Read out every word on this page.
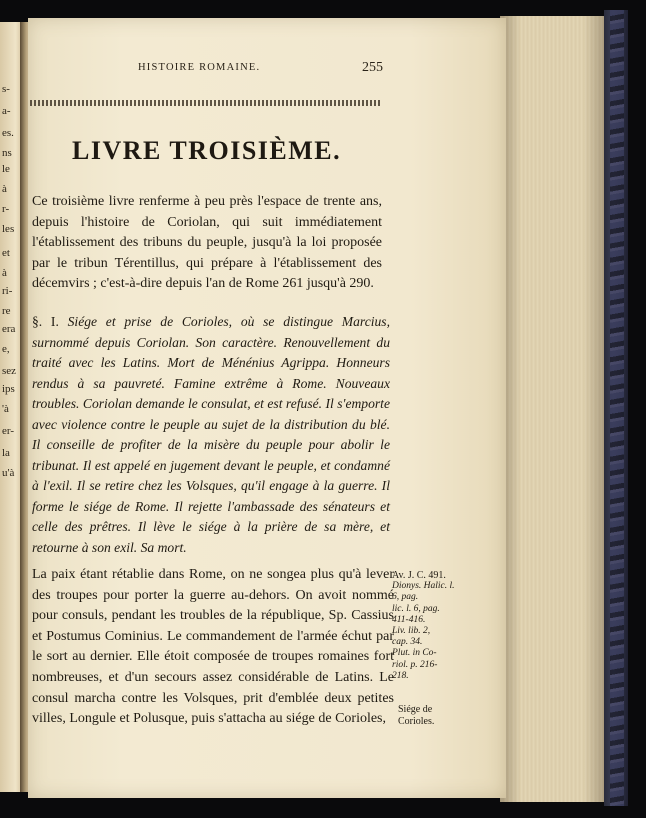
s-
a-
es.
ns
le
à
r-
les
et
à
ri-
re
era
e,
sez
ips
'à
er-
la
u'à
HISTOIRE ROMAINE.	255
LIVRE TROISIÈME.
Ce troisième livre renferme à peu près l'espace de trente ans, depuis l'histoire de Coriolan, qui suit immédiatement l'établissement des tribuns du peuple, jusqu'à la loi proposée par le tribun Térentillus, qui prépare à l'établissement des décemvirs ; c'est-à-dire depuis l'an de Rome 261 jusqu'à 290.
§. I. Siége et prise de Corioles, où se distingue Marcius, surnommé depuis Coriolan. Son caractère. Renouvellement du traité avec les Latins. Mort de Ménénius Agrippa. Honneurs rendus à sa pauvreté. Famine extrême à Rome. Nouveaux troubles. Coriolan demande le consulat, et est refusé. Il s'emporte avec violence contre le peuple au sujet de la distribution du blé. Il conseille de profiter de la misère du peuple pour abolir le tribunat. Il est appelé en jugement devant le peuple, et condamné à l'exil. Il se retire chez les Volsques, qu'il engage à la guerre. Il forme le siége de Rome. Il rejette l'ambassade des sénateurs et celle des prêtres. Il lève le siége à la prière de sa mère, et retourne à son exil. Sa mort.
La paix étant rétablie dans Rome, on ne songea plus qu'à lever des troupes pour porter la guerre au-dehors. On avoit nommé pour consuls, pendant les troubles de la république, Sp. Cassius et Postumus Cominius. Le commandement de l'armée échut par le sort au dernier. Elle étoit composée de troupes romaines fort nombreuses, et d'un secours assez considérable de Latins. Le consul marcha contre les Volsques, prit d'emblée deux petites villes, Longule et Polusque, puis s'attacha au siége de Corioles,
Av. J. C. 491.
Dionys. Halic. l. 6, pag.
lic. l. 6, pag.
411-416.
Liv. lib. 2,
cap. 34.
Plut. in Co-
riol. p. 216-
218.
Siége de Corioles.
